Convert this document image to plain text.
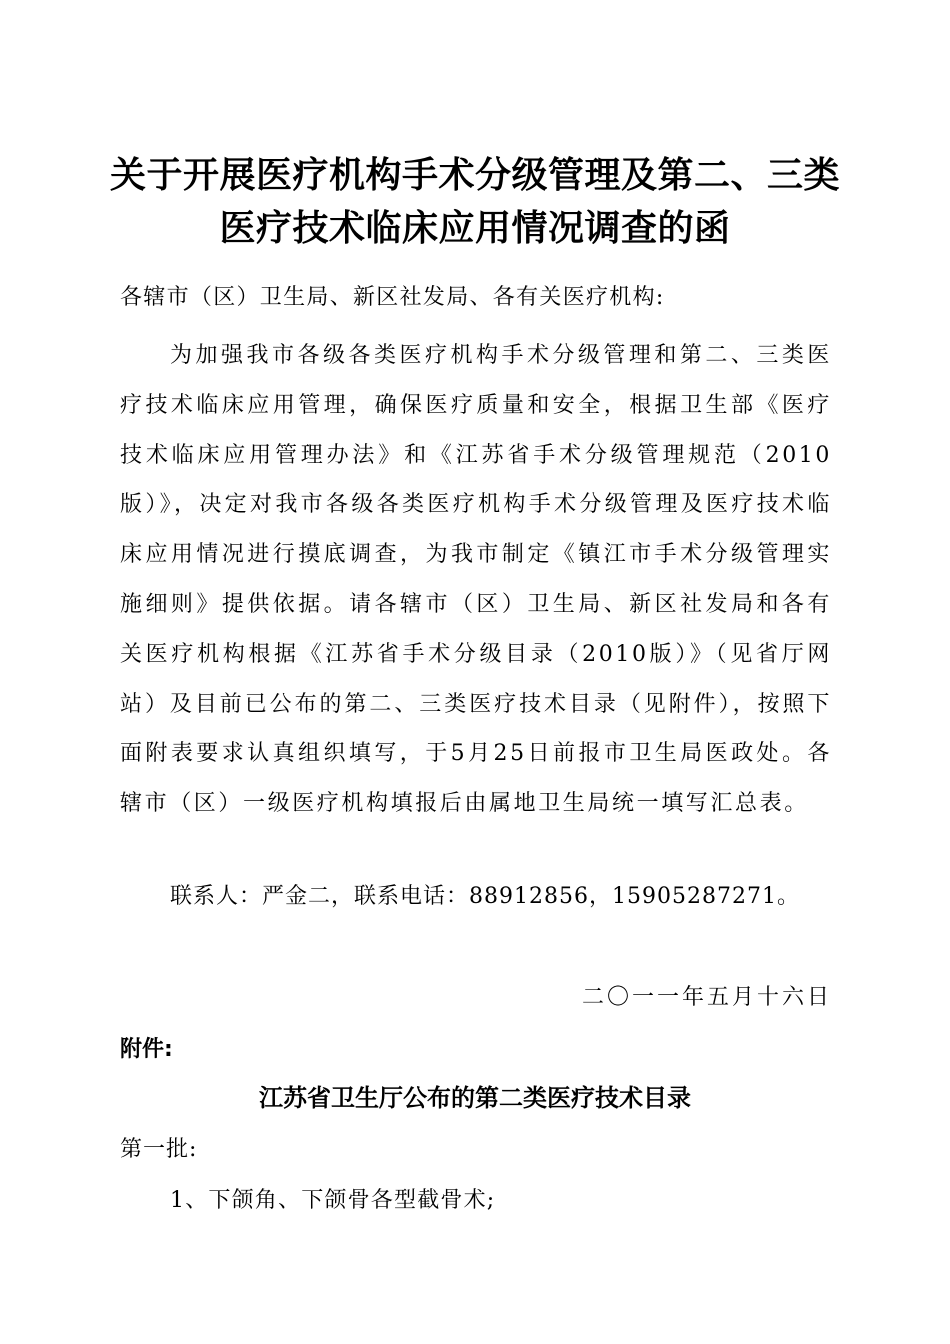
关于开展医疗机构手术分级管理及第二、三类
医疗技术临床应用情况调查的函
各辖市（区）卫生局、新区社发局、各有关医疗机构:

为加强我市各级各类医疗机构手术分级管理和第二、三类医疗技术临床应用管理，确保医疗质量和安全，根据卫生部《医疗技术临床应用管理办法》和《江苏省手术分级管理规范（2010版）》，决定对我市各级各类医疗机构手术分级管理及医疗技术临床应用情况进行摸底调查，为我市制定《镇江市手术分级管理实施细则》提供依据。请各辖市（区）卫生局、新区社发局和各有关医疗机构根据《江苏省手术分级目录（2010版）》（见省厅网站）及目前已公布的第二、三类医疗技术目录（见附件），按照下面附表要求认真组织填写，于5月25日前报市卫生局医政处。各辖市（区）一级医疗机构填报后由属地卫生局统一填写汇总表。

联系人：严金二，联系电话：88912856，15905287271。
二〇一一年五月十六日
附件:
江苏省卫生厅公布的第二类医疗技术目录
第一批:
1、下颌角、下颌骨各型截骨术;
